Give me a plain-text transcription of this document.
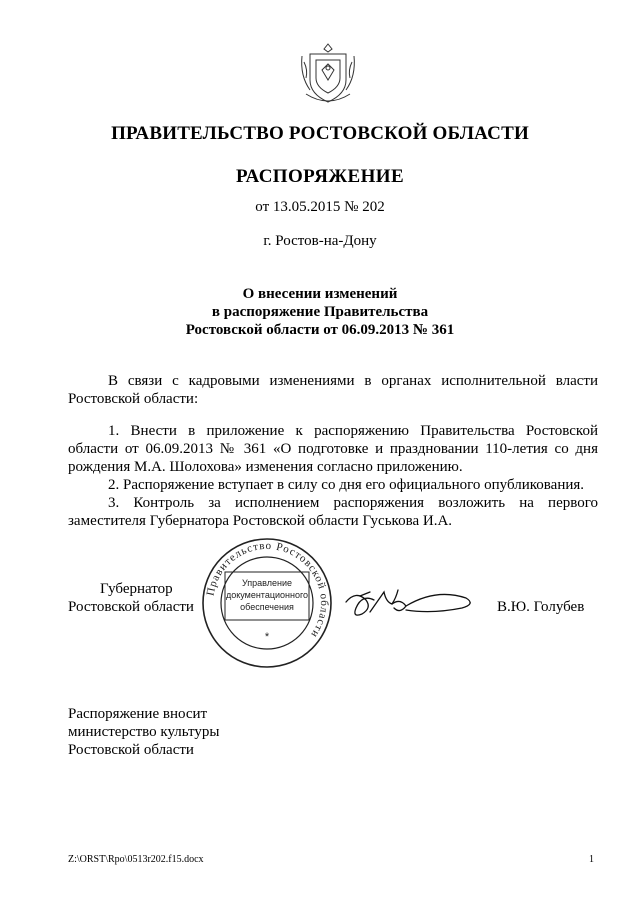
ПРАВИТЕЛЬСТВО РОСТОВСКОЙ ОБЛАСТИ
РАСПОРЯЖЕНИЕ
от 13.05.2015 № 202
г. Ростов-на-Дону
О внесении изменений
в распоряжение Правительства
Ростовской области от 06.09.2013 № 361
В связи с кадровыми изменениями в органах исполнительной власти
Ростовской области:
1. Внести в приложение к распоряжению Правительства Ростовской
области от 06.09.2013 № 361 «О подготовке и праздновании 110-летия со дня
рождения М.А. Шолохова» изменения согласно приложению.
2. Распоряжение вступает в силу со дня его официального опубликования.
3. Контроль за исполнением распоряжения возложить на первого
заместителя Губернатора Ростовской области Гуськова И.А.
Губернатор
Ростовской области	В.Ю. Голубев
Правительство Ростовской области
Управление
документационного
обеспечения
*
Распоряжение вносит
министерство культуры
Ростовской области
Z:\ORST\Rpo\0513r202.f15.docx	1
